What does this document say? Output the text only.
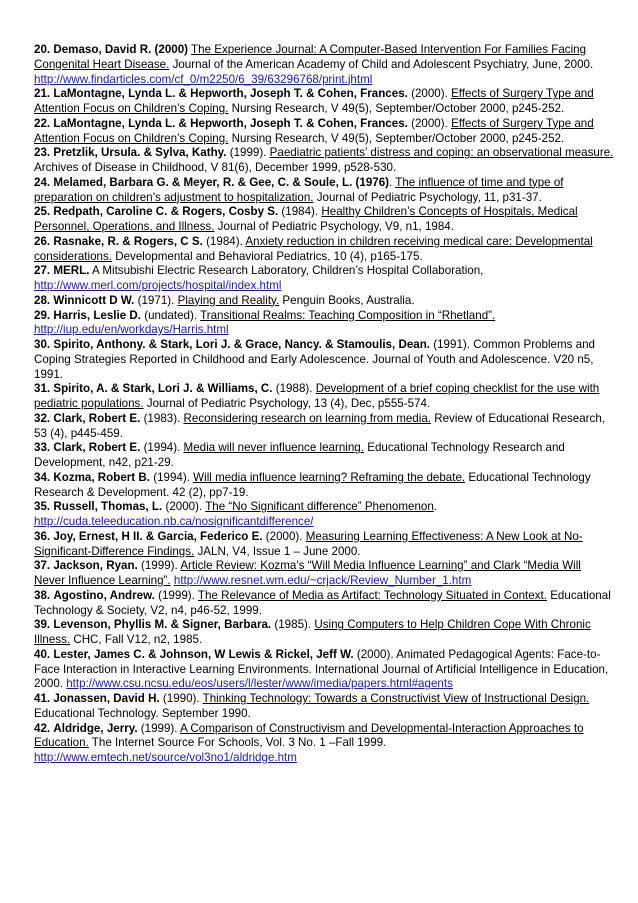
20. Demaso, David R. (2000) The Experience Journal: A Computer-Based Intervention For Families Facing Congenital Heart Disease. Journal of the American Academy of Child and Adolescent Psychiatry, June, 2000. http://www.findarticles.com/cf_0/m2250/6_39/63296768/print.jhtml

21. LaMontagne, Lynda L. & Hepworth, Joseph T. & Cohen, Frances. (2000). Effects of Surgery Type and Attention Focus on Children’s Coping. Nursing Research, V 49(5), September/October 2000, p245-252.

22. LaMontagne, Lynda L. & Hepworth, Joseph T. & Cohen, Frances. (2000). Effects of Surgery Type and Attention Focus on Children’s Coping. Nursing Research, V 49(5), September/October 2000, p245-252.

23. Pretzlik, Ursula. & Sylva, Kathy. (1999). Paediatric patients’ distress and coping: an observational measure. Archives of Disease in Childhood, V 81(6), December 1999, p528-530.

24. Melamed, Barbara G. & Meyer, R. & Gee, C. & Soule, L. (1976). The influence of time and type of preparation on children’s adjustment to hospitalization. Journal of Pediatric Psychology, 11, p31-37.

25. Redpath, Caroline C. & Rogers, Cosby S. (1984). Healthy Children’s Concepts of Hospitals, Medical Personnel, Operations, and Illness. Journal of Pediatric Psychology, V9, n1, 1984.

26. Rasnake, R. & Rogers, C S. (1984). Anxiety reduction in children receiving medical care: Developmental considerations. Developmental and Behavioral Pediatrics, 10 (4), p165-175.

27. MERL. A Mitsubishi Electric Research Laboratory, Children’s Hospital Collaboration, http://www.merl.com/projects/hospital/index.html

28. Winnicott D W. (1971). Playing and Reality. Penguin Books, Australia.

29. Harris, Leslie D. (undated). Transitional Realms: Teaching Composition in “Rhetland”. http://iup.edu/en/workdays/Harris.html

30. Spirito, Anthony. & Stark, Lori J. & Grace, Nancy. & Stamoulis, Dean. (1991). Common Problems and Coping Strategies Reported in Childhood and Early Adolescence. Journal of Youth and Adolescence. V20 n5, 1991.

31. Spirito, A. & Stark, Lori J. & Williams, C. (1988). Development of a brief coping checklist for the use with pediatric populations. Journal of Pediatric Psychology, 13 (4), Dec, p555-574.

32. Clark, Robert E. (1983). Reconsidering research on learning from media. Review of Educational Research, 53 (4), p445-459.

33. Clark, Robert E. (1994). Media will never influence learning. Educational Technology Research and Development, n42, p21-29.

34. Kozma, Robert B. (1994). Will media influence learning? Reframing the debate. Educational Technology Research & Development. 42 (2), pp7-19.

35. Russell, Thomas, L. (2000). The “No Significant difference” Phenomenon. http://cuda.teleeducation.nb.ca/nosignificantdifference/

36. Joy, Ernest, H II. & Garcia, Federico E. (2000). Measuring Learning Effectiveness: A New Look at No-Significant-Difference Findings. JALN, V4, Issue 1 – June 2000.

37. Jackson, Ryan. (1999). Article Review: Kozma’s “Will Media Influence Learning” and Clark “Media Will Never Influence Learning”. http://www.resnet.wm.edu/~crjack/Review_Number_1.htm

38. Agostino, Andrew. (1999). The Relevance of Media as Artifact: Technology Situated in Context. Educational Technology & Society, V2, n4, p46-52, 1999.

39. Levenson, Phyllis M. & Signer, Barbara. (1985). Using Computers to Help Children Cope With Chronic Illness. CHC, Fall V12, n2, 1985.

40. Lester, James C. & Johnson, W Lewis & Rickel, Jeff W. (2000). Animated Pedagogical Agents: Face-to-Face Interaction in Interactive Learning Environments. International Journal of Artificial Intelligence in Education, 2000. http://www.csu.ncsu.edu/eos/users/l/lester/www/imedia/papers.html#agents

41. Jonassen, David H. (1990). Thinking Technology: Towards a Constructivist View of Instructional Design. Educational Technology. September 1990.

42. Aldridge, Jerry. (1999). A Comparison of Constructivism and Developmental-Interaction Approaches to Education. The Internet Source For Schools, Vol. 3 No. 1 –Fall 1999. http://www.emtech.net/source/vol3no1/aldridge.htm
